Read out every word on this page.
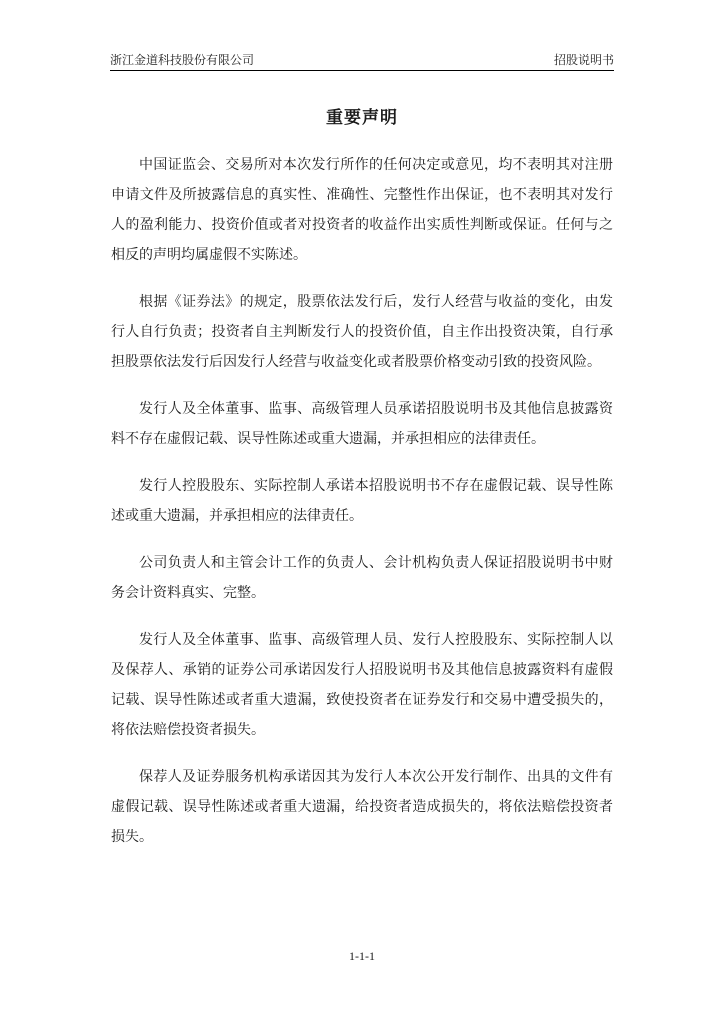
浙江金道科技股份有限公司	招股说明书
重要声明

中国证监会、交易所对本次发行所作的任何决定或意见，均不表明其对注册申请文件及所披露信息的真实性、准确性、完整性作出保证，也不表明其对发行人的盈利能力、投资价值或者对投资者的收益作出实质性判断或保证。任何与之相反的声明均属虚假不实陈述。

根据《证券法》的规定，股票依法发行后，发行人经营与收益的变化，由发行人自行负责；投资者自主判断发行人的投资价值，自主作出投资决策，自行承担股票依法发行后因发行人经营与收益变化或者股票价格变动引致的投资风险。

发行人及全体董事、监事、高级管理人员承诺招股说明书及其他信息披露资料不存在虚假记载、误导性陈述或重大遗漏，并承担相应的法律责任。

发行人控股股东、实际控制人承诺本招股说明书不存在虚假记载、误导性陈述或重大遗漏，并承担相应的法律责任。

公司负责人和主管会计工作的负责人、会计机构负责人保证招股说明书中财务会计资料真实、完整。

发行人及全体董事、监事、高级管理人员、发行人控股股东、实际控制人以及保荐人、承销的证券公司承诺因发行人招股说明书及其他信息披露资料有虚假记载、误导性陈述或者重大遗漏，致使投资者在证券发行和交易中遭受损失的，将依法赔偿投资者损失。

保荐人及证券服务机构承诺因其为发行人本次公开发行制作、出具的文件有虚假记载、误导性陈述或者重大遗漏，给投资者造成损失的，将依法赔偿投资者损失。

1-1-1
